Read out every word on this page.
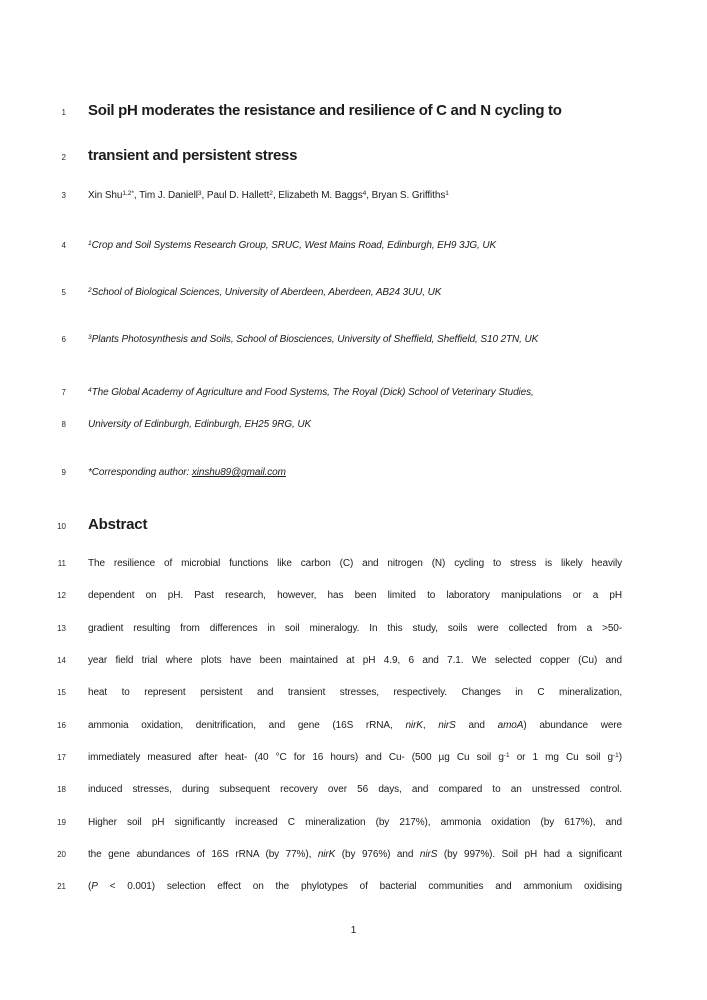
1	Soil pH moderates the resistance and resilience of C and N cycling to
2	transient and persistent stress
3	Xin Shu$^{1,2*}$, Tim J. Daniell$^3$, Paul D. Hallett$^2$, Elizabeth M. Baggs$^4$, Bryan S. Griffiths$^1$
4	$^1$Crop and Soil Systems Research Group, SRUC, West Mains Road, Edinburgh, EH9 3JG, UK
5	$^2$School of Biological Sciences, University of Aberdeen, Aberdeen, AB24 3UU, UK
6	$^3$Plants Photosynthesis and Soils, School of Biosciences, University of Sheffield, Sheffield, S10 2TN, UK
7	$^4$The Global Academy of Agriculture and Food Systems, The Royal (Dick) School of Veterinary Studies,
8	University of Edinburgh, Edinburgh, EH25 9RG, UK
9	*Corresponding author: xinshu89@gmail.com
10	Abstract
11	The resilience of microbial functions like carbon (C) and nitrogen (N) cycling to stress is likely heavily
12	dependent on pH. Past research, however, has been limited to laboratory manipulations or a pH
13	gradient resulting from differences in soil mineralogy. In this study, soils were collected from a >50-
14	year field trial where plots have been maintained at pH 4.9, 6 and 7.1. We selected copper (Cu) and
15	heat to represent persistent and transient stresses, respectively. Changes in C mineralization,
16	ammonia oxidation, denitrification, and gene (16S rRNA, nirK, nirS and amoA) abundance were
17	immediately measured after heat- (40 °C for 16 hours) and Cu- (500 µg Cu soil $g^{-1}$ or 1 mg Cu soil $g^{-1}$)
18	induced stresses, during subsequent recovery over 56 days, and compared to an unstressed control.
19	Higher soil pH significantly increased C mineralization (by 217%), ammonia oxidation (by 617%), and
20	the gene abundances of 16S rRNA (by 77%), nirK (by 976%) and nirS (by 997%). Soil pH had a significant
21	(P < 0.001) selection effect on the phylotypes of bacterial communities and ammonium oxidising
1
